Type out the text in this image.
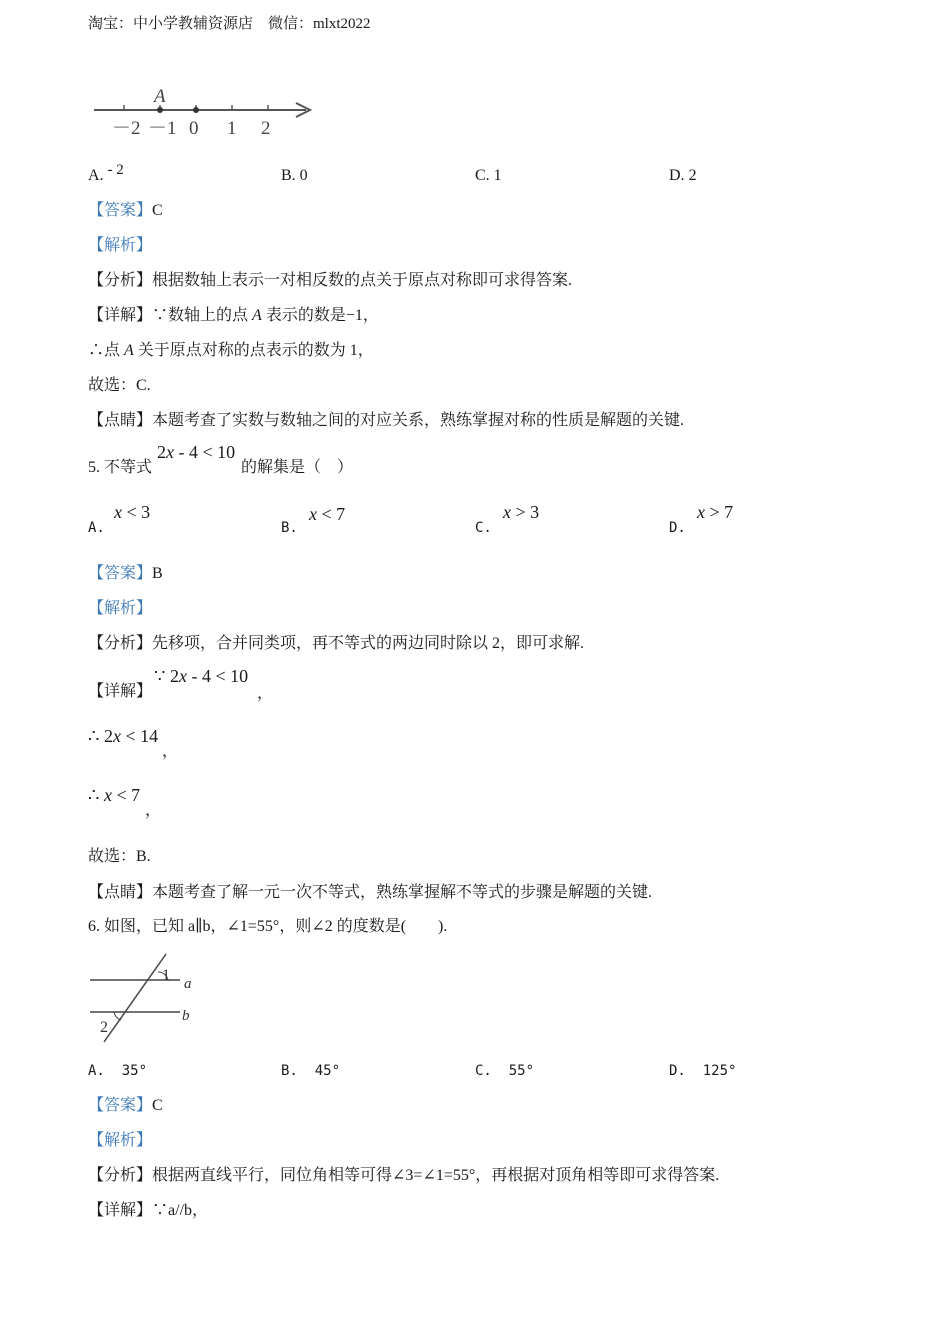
淘宝：中小学教辅资源店　微信：mlxt2022
A
－2 －1 0 1 2
A. - 2	B. 0	C. 1	D. 2
【答案】C
【解析】
【分析】根据数轴上表示一对相反数的点关于原点对称即可求得答案.
【详解】∵数轴上的点 A 表示的数是−1，
∴点 A 关于原点对称的点表示的数为 1，
故选：C.
【点睛】本题考查了实数与数轴之间的对应关系，熟练掌握对称的性质是解题的关键.
5. 不等式
2x - 4 < 10
的解集是（　）
A.
x < 3
B.
x < 7
C.
x > 3
D.
x > 7
【答案】B
【解析】
【分析】先移项，合并同类项，再不等式的两边同时除以 2，即可求解.
【详解】
∵ 2x - 4 < 10
，
∴ 2x < 14
，
∴ x < 7
，
故选：B.
【点睛】本题考查了解一元一次不等式，熟练掌握解不等式的步骤是解题的关键.
6. 如图，已知 a∥b，∠1=55°，则∠2 的度数是(　　).
1
2
a
b
A. 35°	B. 45°	C. 55°	D. 125°
【答案】C
【解析】
【分析】根据两直线平行，同位角相等可得∠3=∠1=55°，再根据对顶角相等即可求得答案.
【详解】∵a//b，
